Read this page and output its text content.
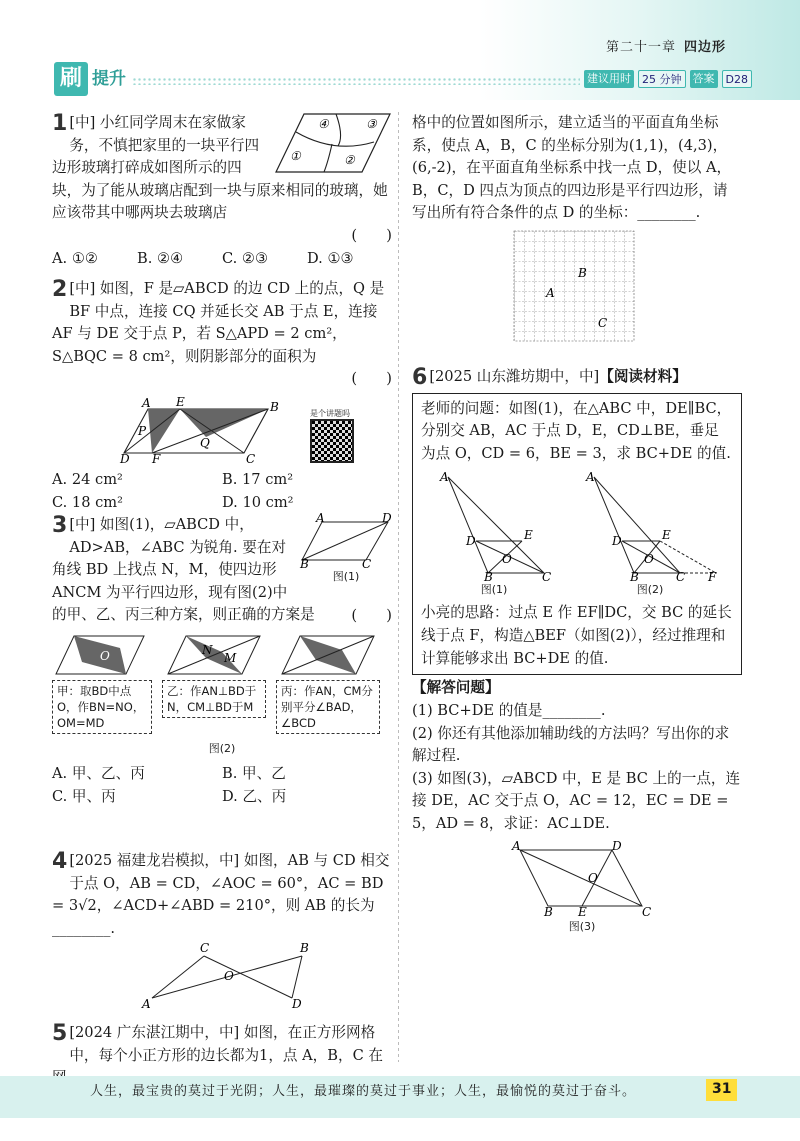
第二十一章 四边形
刷 提升	建议用时	25 分钟	答案	D28
④	③
①	②

1 [中] 小红同学周末在家做家务，不慎把家里的一块平行四边形玻璃打碎成如图所示的四块，为了能从玻璃店配到一块与原来相同的玻璃，她应该带其中哪两块去玻璃店

(　　)

A. ①②	B. ②④	C. ②③	D. ①③

2 [中] 如图，F 是▱ABCD 的边 CD 上的点，Q 是 BF 中点，连接 CQ 并延长交 AB 于点 E，连接 AF 与 DE 交于点 P，若 S△APD = 2 cm²，S△BQC = 8 cm²，则阴影部分的面积为

(　　)

A E	B
P
Q
D F	C
是个讲题吗
A. 24 cm²	B. 17 cm²
C. 18 cm²	D. 10 cm²
A	D
B	C
图(1)

3 [中] 如图(1)，▱ABCD 中，AD>AB，∠ABC 为锐角. 要在对角线 BD 上找点 N，M，使四边形 ANCM 为平行四边形，现有图(2)中的甲、乙、丙三种方案，则正确的方案是	(　　)

O
甲：取BD中点O，作BN=NO，OM=MD
N
M
乙：作AN⊥BD于N，CM⊥BD于M
丙：作AN，CM分别平分∠BAD，∠BCD
图(2)
A. 甲、乙、丙	B. 甲、乙
C. 甲、丙	D. 乙、丙

4 [2025 福建龙岩模拟，中] 如图，AB 与 CD 相交于点 O，AB = CD，∠AOC = 60°，AC = BD = 3√2，∠ACD+∠ABD = 210°，则 AB 的长为________.

C	B
O
A	D

5 [2024 广东湛江期中，中] 如图，在正方形网格中，每个小正方形的边长都为1，点 A，B，C 在

格中的位置如图所示，建立适当的平面直角坐标系，使点 A，B，C 的坐标分别为(1,1)，(4,3)，(6,-2)，在平面直角坐标系中找一点 D，使以 A，B，C，D 四点为顶点的四边形是平行四边形，请写出所有符合条件的点 D 的坐标：________.

B
A
C

6 [2025 山东潍坊期中，中]【阅读材料】

老师的问题：如图(1)，在△ABC 中，DE∥BC，分别交 AB，AC 于点 D，E，CD⊥BE，垂足为点 O，CD = 6，BE = 3，求 BC+DE 的值.

A
D	E
O
B	C
图(1)
A
D	E
O
B	C F
图(2)

小亮的思路：过点 E 作 EF∥DC，交 BC 的延长线于点 F，构造△BEF（如图(2)），经过推理和计算能够求出 BC+DE 的值.

【解答问题】

(1) BC+DE 的值是________.

(2) 你还有其他添加辅助线的方法吗？写出你的求解过程.

(3) 如图(3)，▱ABCD 中，E 是 BC 上的一点，连接 DE，AC 交于点 O，AC = 12，EC = DE = 5，AD = 8，求证：AC⊥DE.

A	D
O
B E	C
图(3)
人生，最宝贵的莫过于光阴；人生，最璀璨的莫过于事业；人生，最愉悦的莫过于奋斗。	31
